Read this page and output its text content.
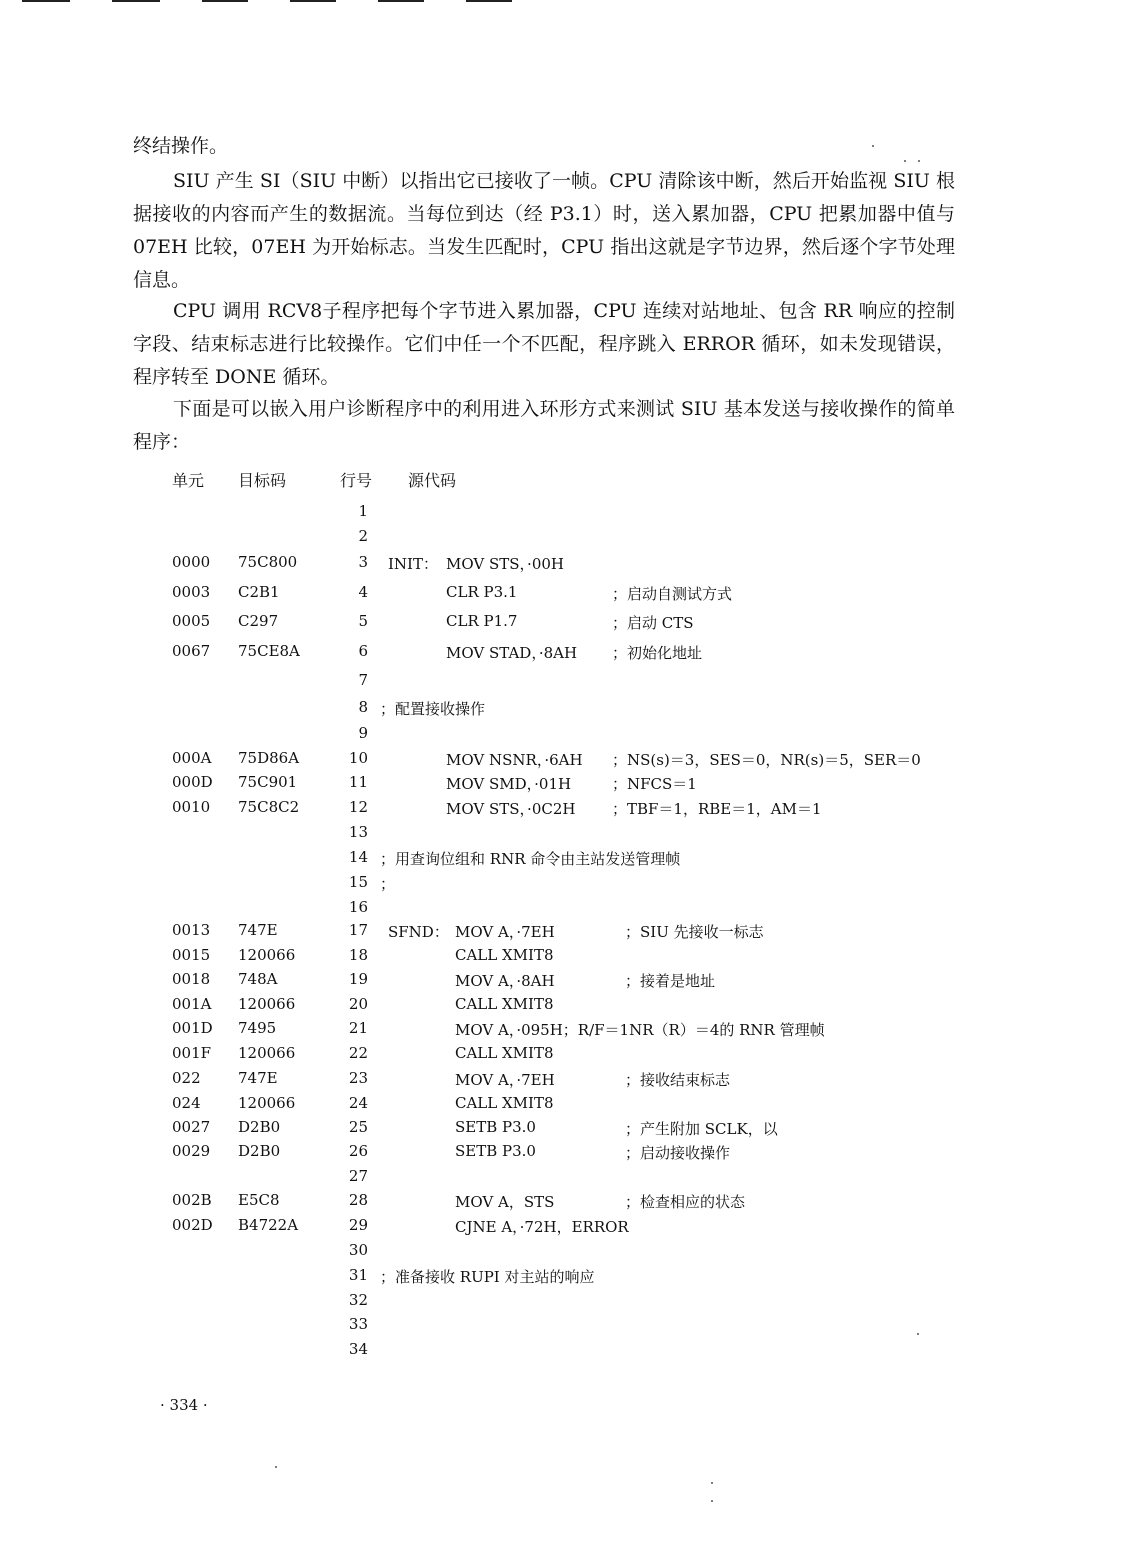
终结操作。

SIU 产生 SI（SIU 中断）以指出它已接收了一帧。CPU 清除该中断，然后开始监视 SIU 根据接收的内容而产生的数据流。当每位到达（经 P3.1）时，送入累加器，CPU 把累加器中值与07EH 比较，07EH 为开始标志。当发生匹配时，CPU 指出这就是字节边界，然后逐个字节处理信息。

CPU 调用 RCV8子程序把每个字节进入累加器，CPU 连续对站地址、包含 RR 响应的控制字段、结束标志进行比较操作。它们中任一个不匹配，程序跳入 ERROR 循环，如未发现错误，程序转至 DONE 循环。

下面是可以嵌入用户诊断程序中的利用进入环形方式来测试 SIU 基本发送与接收操作的简单程序：

单元 目标码	行号 源代码
1
2
0000 75C800	3 INIT： MOV STS，·00H
0003 C2B1	4	CLR P3.1	；启动自测试方式
0005 C297	5	CLR P1.7	；启动 CTS
0067 75CE8A	6	MOV STAD，·8AH ；初始化地址
7
8 ；配置接收操作
9
000A 75D86A	10	MOV NSNR，·6AH ；NS(s)＝3，SES＝0，NR(s)＝5，SER＝0
000D 75C901	11	MOV SMD，·01H	；NFCS＝1
0010 75C8C2	12	MOV STS，·0C2H ；TBF＝1，RBE＝1，AM＝1
13
14 ；用查询位组和 RNR 命令由主站发送管理帧
15 ；
16
0013 747E	17 SFND： MOV A，·7EH	；SIU 先接收一标志
0015 120066	18	CALL XMIT8
0018 748A	19	MOV A，·8AH	；接着是地址
001A 120066	20	CALL XMIT8
001D 7495	21	MOV A，·095H；R/F＝1NR（R）＝4的 RNR 管理帧
001F 120066	22	CALL XMIT8
022 747E	23	MOV A，·7EH	；接收结束标志
024 120066	24	CALL XMIT8
0027 D2B0	25	SETB P3.0	；产生附加 SCLK，以
0029 D2B0	26	SETB P3.0	；启动接收操作
27
002B E5C8	28	MOV A，STS	；检查相应的状态
002D B4722A	29	CJNE A，·72H，ERROR
30
31 ；准备接收 RUPI 对主站的响应
32
33
34
· 334 ·
